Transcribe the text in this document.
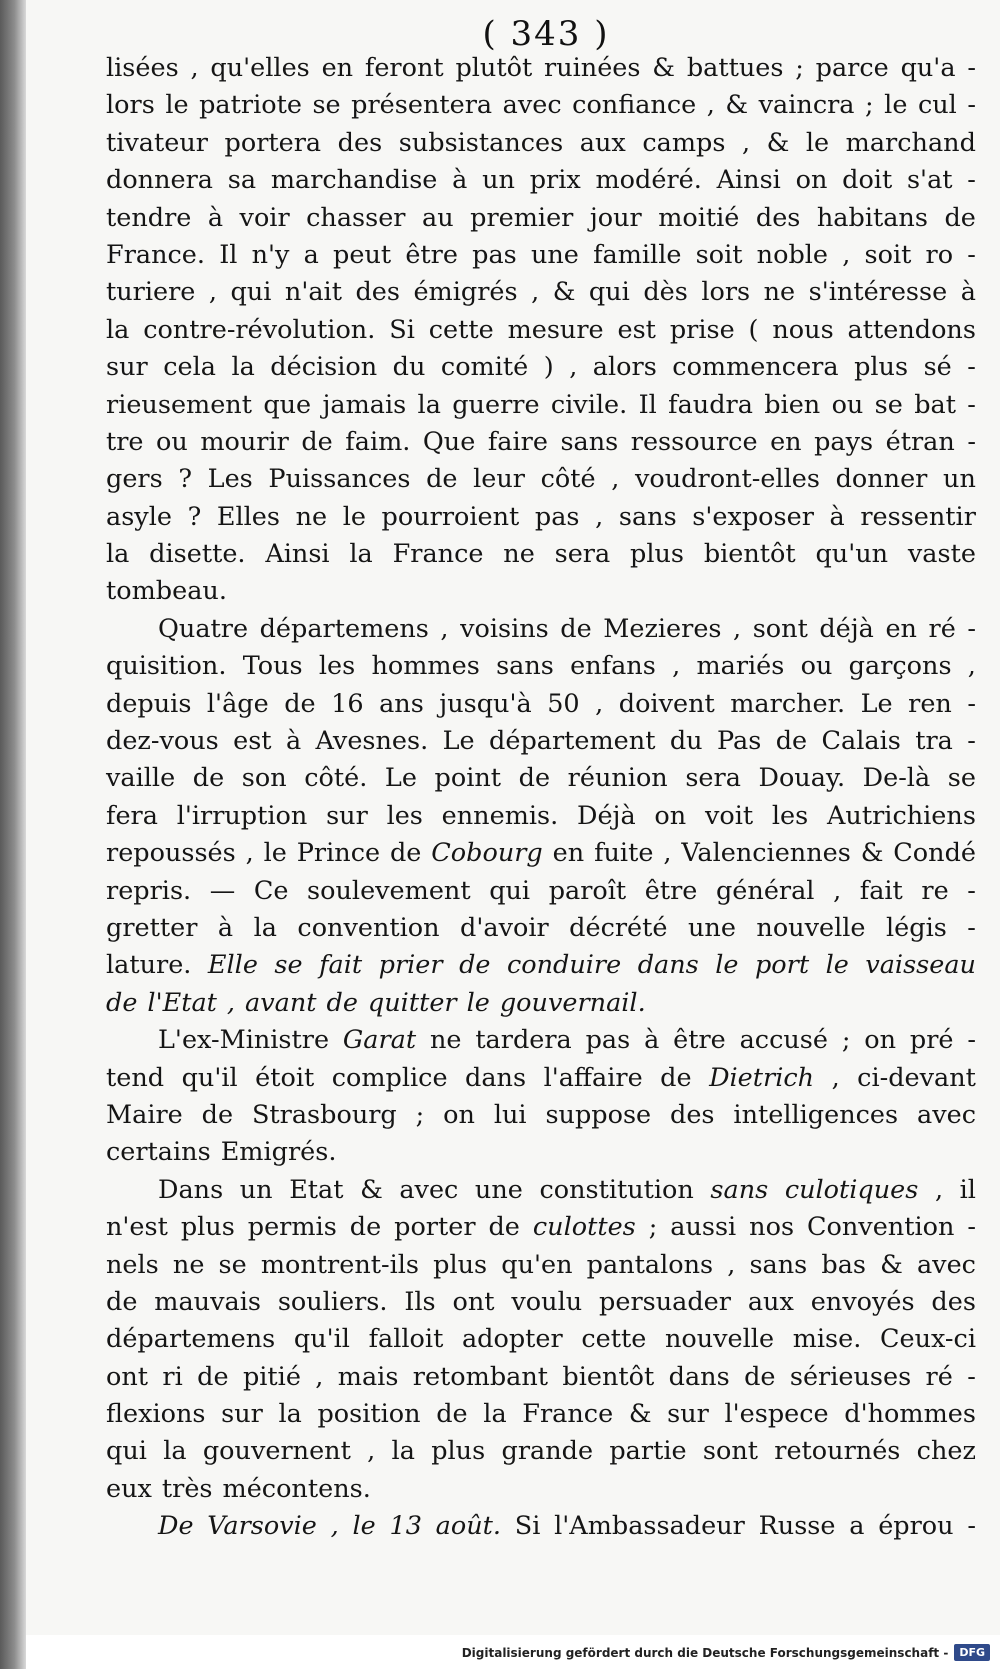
( 343 )
lisées , qu'elles en feront plutôt ruinées & battues ; parce qu'a -
lors le patriote se présentera avec confiance , & vaincra ; le cul -
tivateur portera des subsistances aux camps , & le marchand
donnera sa marchandise à un prix modéré. Ainsi on doit s'at -
tendre à voir chasser au premier jour moitié des habitans de
France. Il n'y a peut être pas une famille soit noble , soit ro -
turiere , qui n'ait des émigrés , & qui dès lors ne s'intéresse à
la contre-révolution. Si cette mesure est prise ( nous attendons
sur cela la décision du comité ) , alors commencera plus sé -
rieusement que jamais la guerre civile. Il faudra bien ou se bat -
tre ou mourir de faim. Que faire sans ressource en pays étran -
gers ? Les Puissances de leur côté , voudront-elles donner un
asyle ? Elles ne le pourroient pas , sans s'exposer à ressentir
la disette. Ainsi la France ne sera plus bientôt qu'un vaste
tombeau.
Quatre départemens , voisins de Mezieres , sont déjà en ré -
quisition. Tous les hommes sans enfans , mariés ou garçons ,
depuis l'âge de 16 ans jusqu'à 50 , doivent marcher. Le ren -
dez-vous est à Avesnes. Le département du Pas de Calais tra -
vaille de son côté. Le point de réunion sera Douay. De-là se
fera l'irruption sur les ennemis. Déjà on voit les Autrichiens
repoussés , le Prince de Cobourg en fuite , Valenciennes & Condé
repris. — Ce soulevement qui paroît être général , fait re -
gretter à la convention d'avoir décrété une nouvelle légis -
lature. Elle se fait prier de conduire dans le port le vaisseau
de l'Etat , avant de quitter le gouvernail.
L'ex-Ministre Garat ne tardera pas à être accusé ; on pré -
tend qu'il étoit complice dans l'affaire de Dietrich , ci-devant
Maire de Strasbourg ; on lui suppose des intelligences avec
certains Emigrés.
Dans un Etat & avec une constitution sans culotiques , il
n'est plus permis de porter de culottes ; aussi nos Convention -
nels ne se montrent-ils plus qu'en pantalons , sans bas & avec
de mauvais souliers. Ils ont voulu persuader aux envoyés des
départemens qu'il falloit adopter cette nouvelle mise. Ceux-ci
ont ri de pitié , mais retombant bientôt dans de sérieuses ré -
flexions sur la position de la France & sur l'espece d'hommes
qui la gouvernent , la plus grande partie sont retournés chez
eux très mécontens.
De Varsovie , le 13 août. Si l'Ambassadeur Russe a éprou -
Digitalisierung gefördert durch die Deutsche Forschungsgemeinschaft -	DFG
